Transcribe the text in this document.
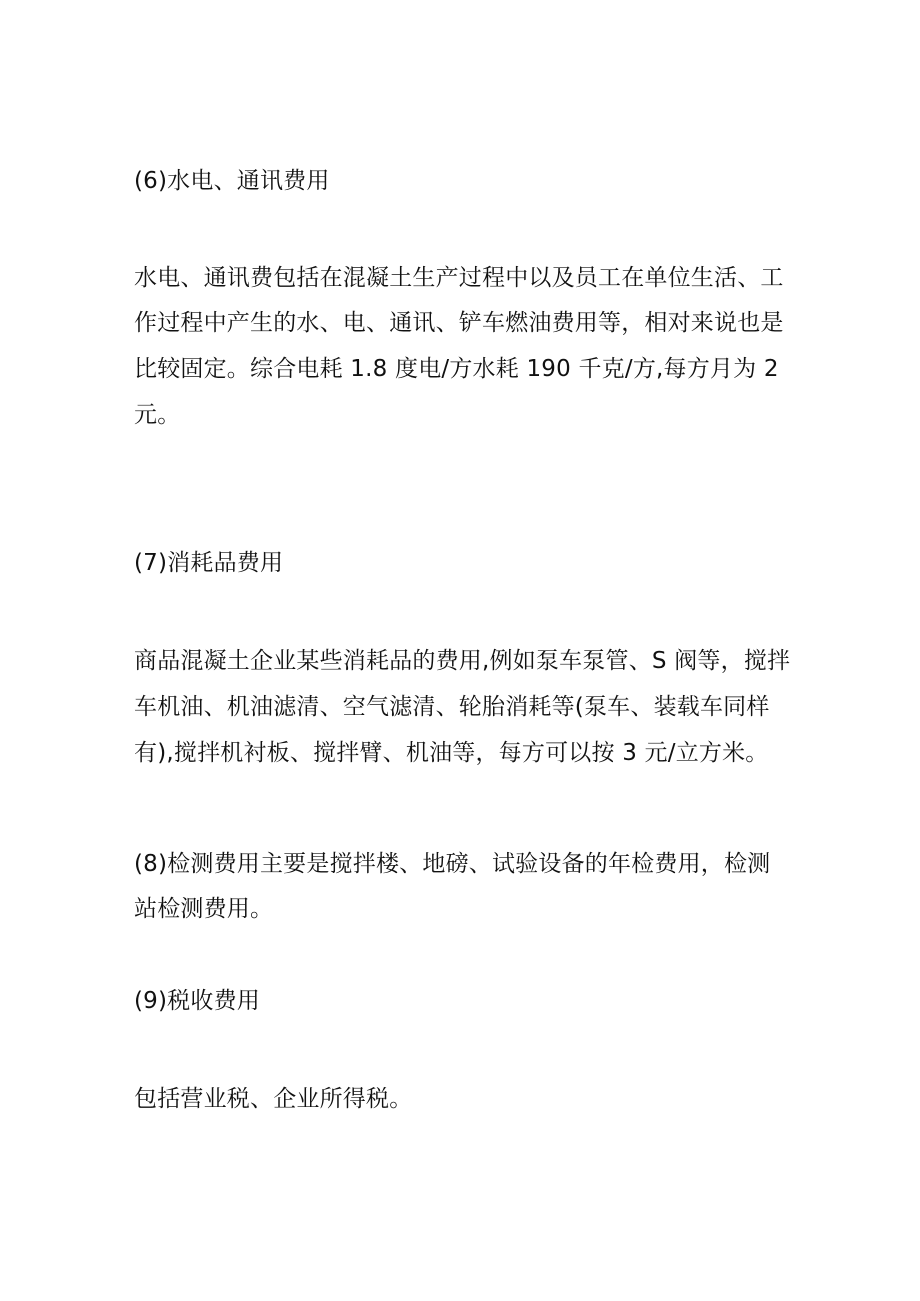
(6)水电、通讯费用
水电、通讯费包括在混凝土生产过程中以及员工在单位生活、工
作过程中产生的水、电、通讯、铲车燃油费用等，相对来说也是
比较固定。综合电耗 1.8 度电/方水耗 190 千克/方,每方月为 2
元。
(7)消耗品费用
商品混凝土企业某些消耗品的费用,例如泵车泵管、S 阀等，搅拌
车机油、机油滤清、空气滤清、轮胎消耗等(泵车、装载车同样
有),搅拌机衬板、搅拌臂、机油等，每方可以按 3 元/立方米。
(8)检测费用主要是搅拌楼、地磅、试验设备的年检费用，检测
站检测费用。
(9)税收费用
包括营业税、企业所得税。
